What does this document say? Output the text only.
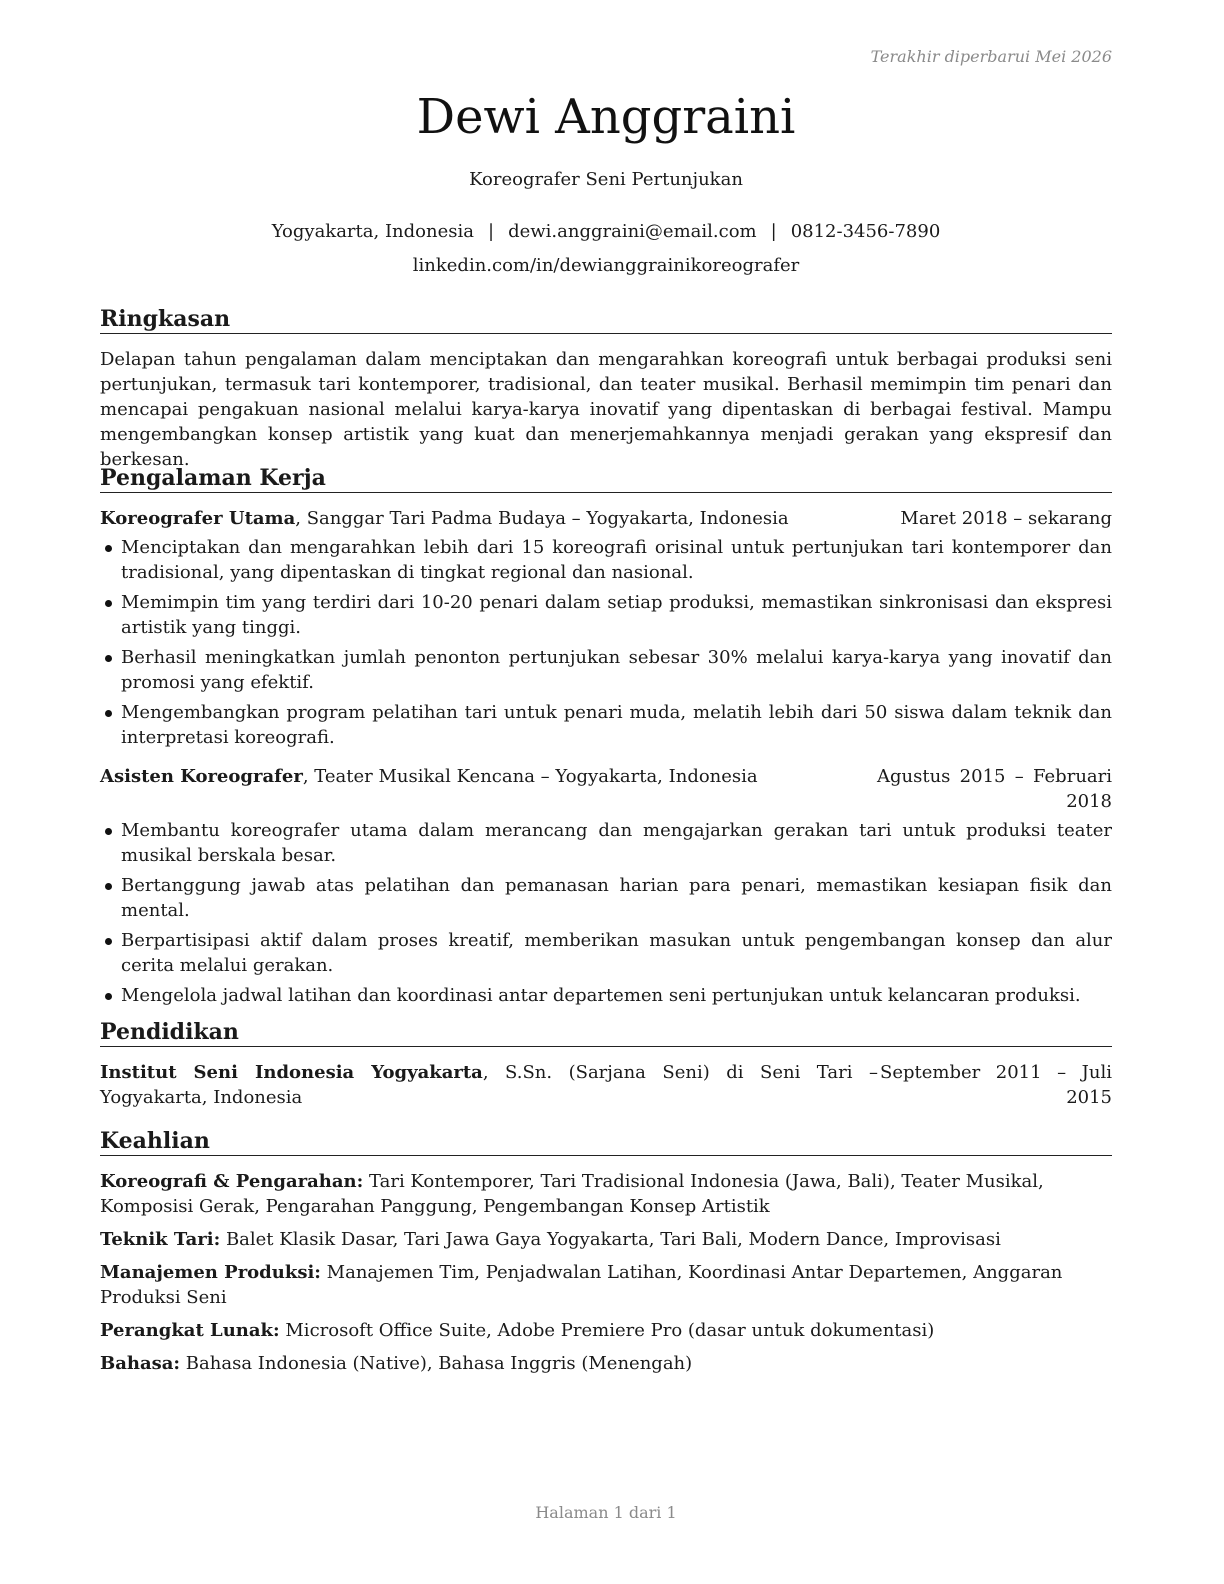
Terakhir diperbarui Mei 2026
Dewi Anggraini
Koreografer Seni Pertunjukan
Yogyakarta, Indonesia | dewi.anggraini@email.com | 0812-3456-7890
linkedin.com/in/dewianggrainikoreografer
Ringkasan

Delapan tahun pengalaman dalam menciptakan dan mengarahkan koreografi untuk berbagai produksi seni pertunjukan, termasuk tari kontemporer, tradisional, dan teater musikal. Berhasil memimpin tim penari dan mencapai pengakuan nasional melalui karya-karya inovatif yang dipentaskan di berbagai festival. Mampu mengembangkan konsep artistik yang kuat dan menerjemahkannya menjadi gerakan yang ekspresif dan berkesan.

Pengalaman Kerja
Koreografer Utama, Sanggar Tari Padma Budaya – Yogyakarta, Indonesia	Maret 2018 – sekarang
Menciptakan dan mengarahkan lebih dari 15 koreografi orisinal untuk pertunjukan tari kontemporer dan tradisional, yang dipentaskan di tingkat regional dan nasional.
Memimpin tim yang terdiri dari 10-20 penari dalam setiap produksi, memastikan sinkronisasi dan ekspresi artistik yang tinggi.
Berhasil meningkatkan jumlah penonton pertunjukan sebesar 30% melalui karya-karya yang inovatif dan promosi yang efektif.
Mengembangkan program pelatihan tari untuk penari muda, melatih lebih dari 50 siswa dalam teknik dan interpretasi koreografi.
Asisten Koreografer, Teater Musikal Kencana – Yogyakarta, Indonesia	Agustus 2015 – Februari 2018
Membantu koreografer utama dalam merancang dan mengajarkan gerakan tari untuk produksi teater musikal berskala besar.
Bertanggung jawab atas pelatihan dan pemanasan harian para penari, memastikan kesiapan fisik dan mental.
Berpartisipasi aktif dalam proses kreatif, memberikan masukan untuk pengembangan konsep dan alur cerita melalui gerakan.
Mengelola jadwal latihan dan koordinasi antar departemen seni pertunjukan untuk kelancaran produksi.
Pendidikan
Institut Seni Indonesia Yogyakarta, S.Sn. (Sarjana Seni) di Seni Tari – Yogyakarta, Indonesia
September 2011 – Juli 2015
Keahlian
Koreografi & Pengarahan: Tari Kontemporer, Tari Tradisional Indonesia (Jawa, Bali), Teater Musikal, Komposisi Gerak, Pengarahan Panggung, Pengembangan Konsep Artistik
Teknik Tari: Balet Klasik Dasar, Tari Jawa Gaya Yogyakarta, Tari Bali, Modern Dance, Improvisasi
Manajemen Produksi: Manajemen Tim, Penjadwalan Latihan, Koordinasi Antar Departemen, Anggaran Produksi Seni
Perangkat Lunak: Microsoft Office Suite, Adobe Premiere Pro (dasar untuk dokumentasi)
Bahasa: Bahasa Indonesia (Native), Bahasa Inggris (Menengah)
Halaman 1 dari 1
